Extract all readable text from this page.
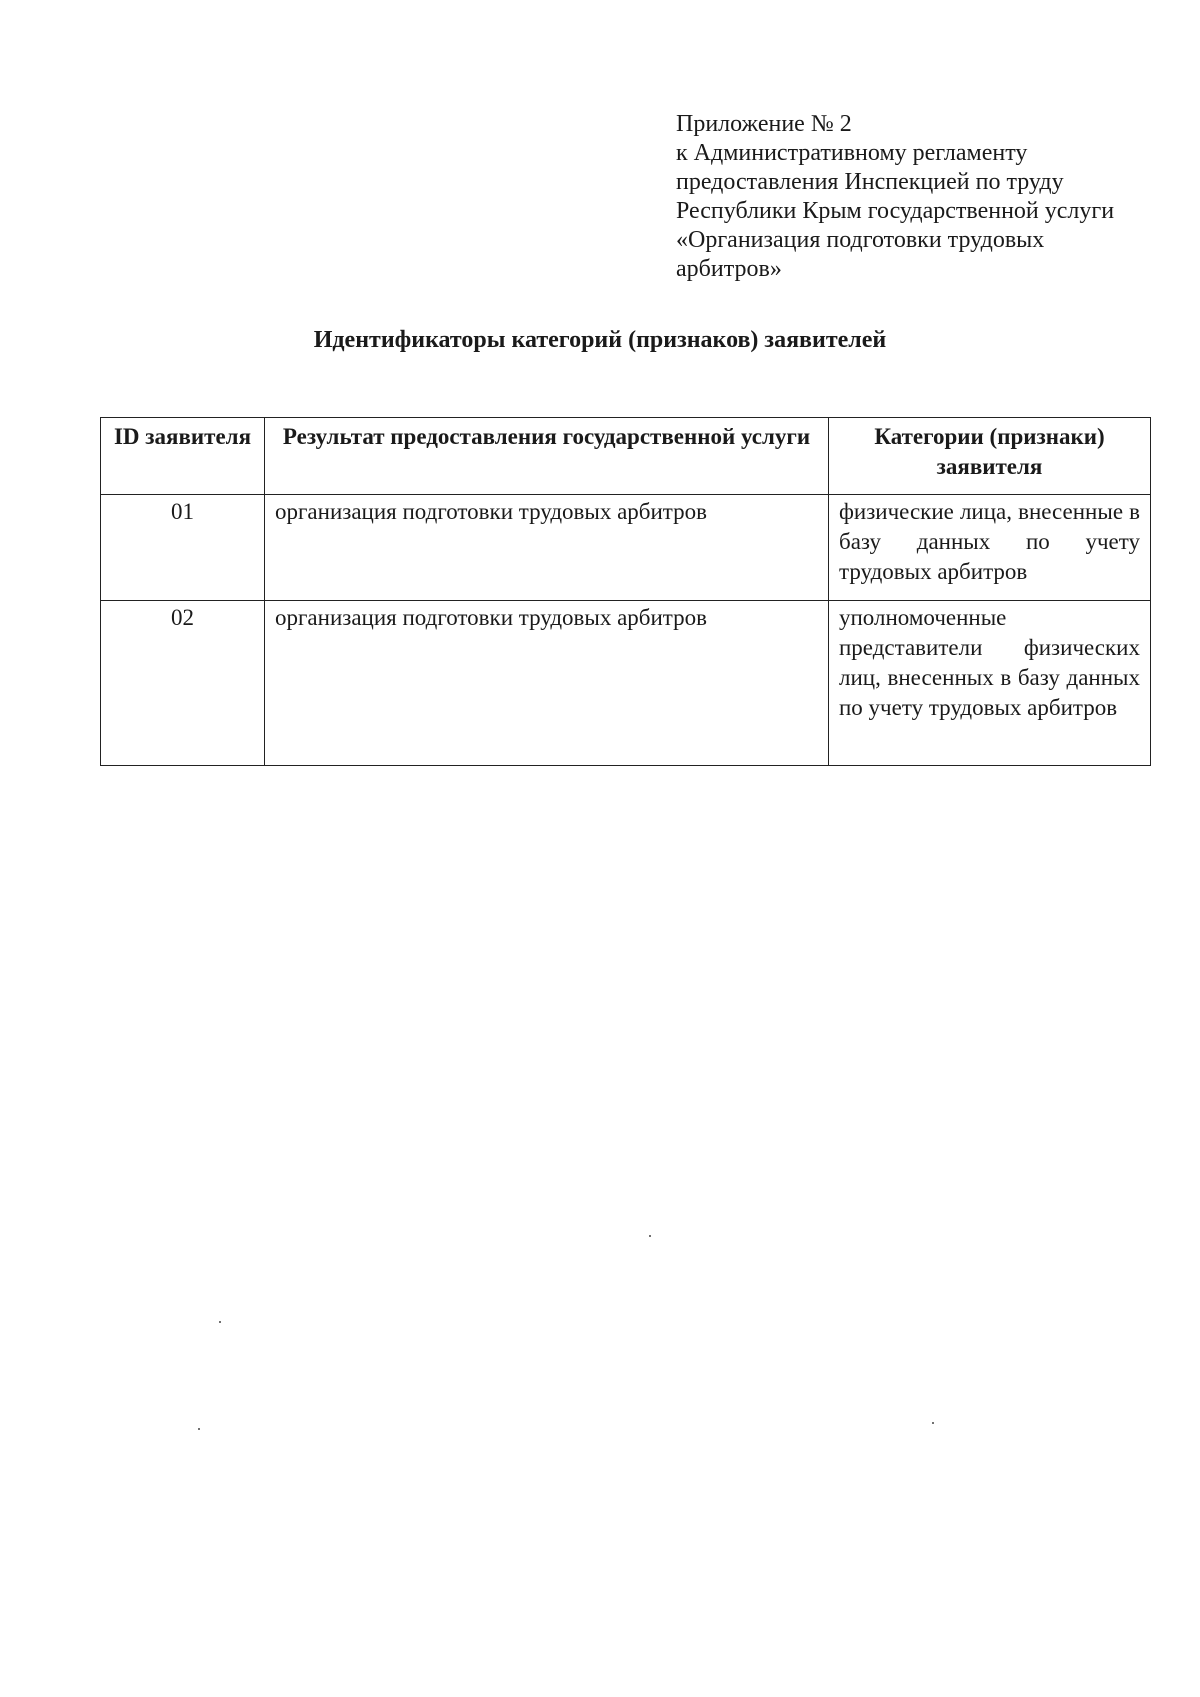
Приложение № 2
к Административному регламенту
предоставления Инспекцией по труду
Республики Крым государственной услуги
«Организация подготовки трудовых
арбитров»
Идентификаторы категорий (признаков) заявителей
ID заявителя	Результат предоставления государственной услуги	Категории (признаки) заявителя
01	организация подготовки трудовых арбитров	физические лица, внесенные в базу данных по учету трудовых арбитров
02	организация подготовки трудовых арбитров	уполномоченные представители физических лиц, внесенных в базу данных по учету трудовых арбитров
